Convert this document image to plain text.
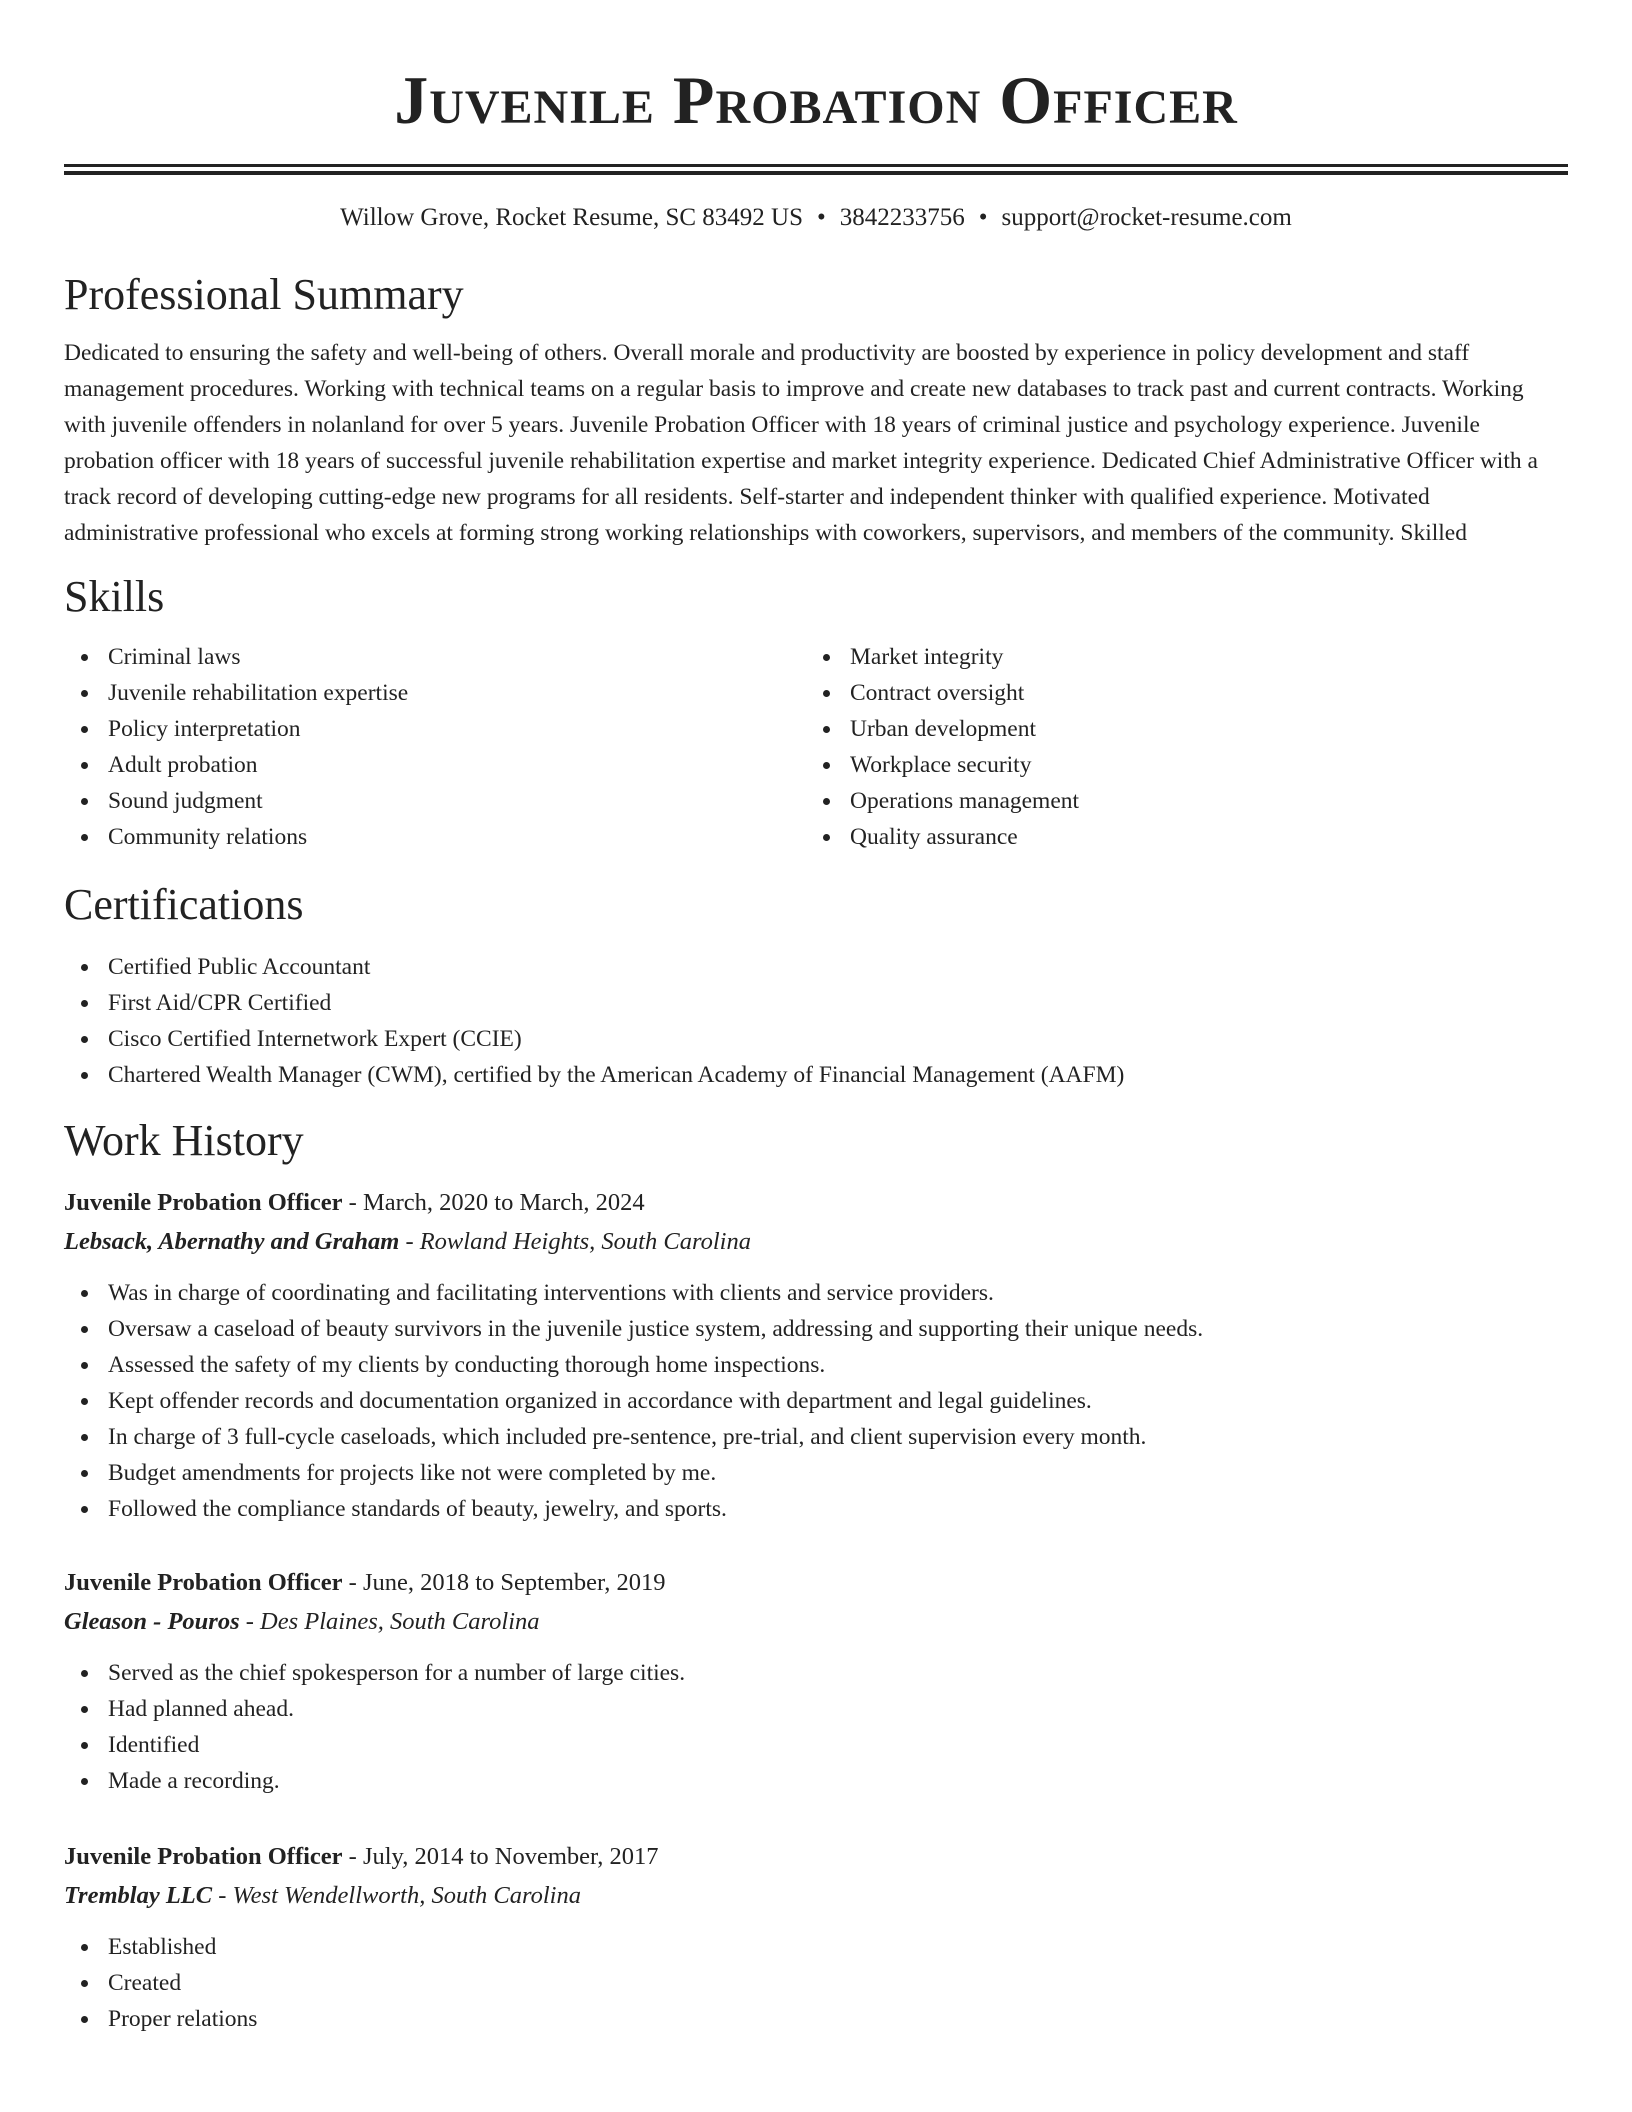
Juvenile Probation Officer
Willow Grove, Rocket Resume, SC 83492 US • 3842233756 • support@rocket-resume.com
Professional Summary

Dedicated to ensuring the safety and well-being of others. Overall morale and productivity are boosted by experience in policy development and staff management procedures. Working with technical teams on a regular basis to improve and create new databases to track past and current contracts. Working with juvenile offenders in nolanland for over 5 years. Juvenile Probation Officer with 18 years of criminal justice and psychology experience. Juvenile probation officer with 18 years of successful juvenile rehabilitation expertise and market integrity experience. Dedicated Chief Administrative Officer with a track record of developing cutting-edge new programs for all residents. Self-starter and independent thinker with qualified experience. Motivated administrative professional who excels at forming strong working relationships with coworkers, supervisors, and members of the community. Skilled

Skills
Criminal laws
Juvenile rehabilitation expertise
Policy interpretation
Adult probation
Sound judgment
Community relations
Market integrity
Contract oversight
Urban development
Workplace security
Operations management
Quality assurance
Certifications
Certified Public Accountant
First Aid/CPR Certified
Cisco Certified Internetwork Expert (CCIE)
Chartered Wealth Manager (CWM), certified by the American Academy of Financial Management (AAFM)
Work History
Juvenile Probation Officer - March, 2020 to March, 2024
Lebsack, Abernathy and Graham - Rowland Heights, South Carolina
Was in charge of coordinating and facilitating interventions with clients and service providers.
Oversaw a caseload of beauty survivors in the juvenile justice system, addressing and supporting their unique needs.
Assessed the safety of my clients by conducting thorough home inspections.
Kept offender records and documentation organized in accordance with department and legal guidelines.
In charge of 3 full-cycle caseloads, which included pre-sentence, pre-trial, and client supervision every month.
Budget amendments for projects like not were completed by me.
Followed the compliance standards of beauty, jewelry, and sports.
Juvenile Probation Officer - June, 2018 to September, 2019
Gleason - Pouros - Des Plaines, South Carolina
Served as the chief spokesperson for a number of large cities.
Had planned ahead.
Identified
Made a recording.
Juvenile Probation Officer - July, 2014 to November, 2017
Tremblay LLC - West Wendellworth, South Carolina
Established
Created
Proper relations
